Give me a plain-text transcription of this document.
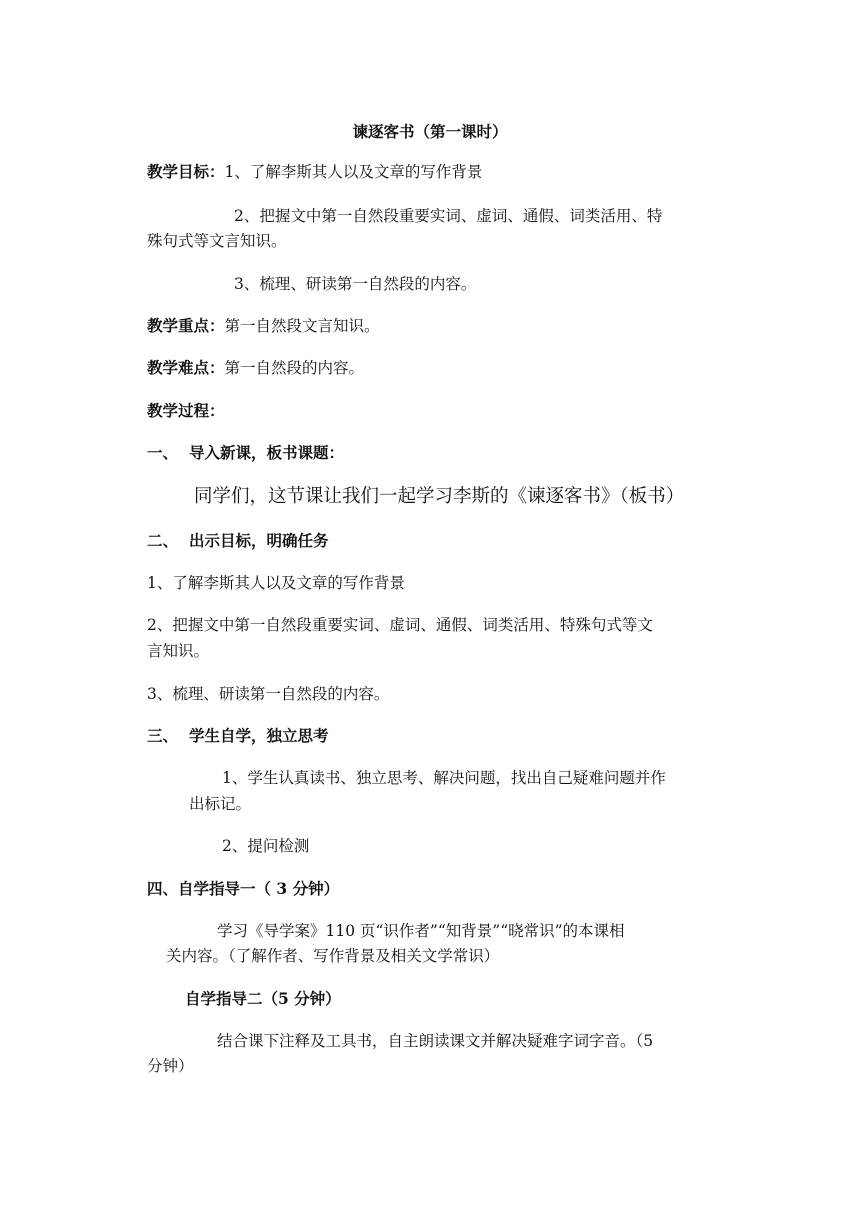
谏逐客书（第一课时）
教学目标：1、了解李斯其人以及文章的写作背景
2、把握文中第一自然段重要实词、虚词、通假、词类活用、特
殊句式等文言知识。
3、梳理、研读第一自然段的内容。
教学重点：第一自然段文言知识。
教学难点：第一自然段的内容。
教学过程：
一、 导入新课，板书课题：
同学们，这节课让我们一起学习李斯的《谏逐客书》（板书）
二、 出示目标，明确任务
1、了解李斯其人以及文章的写作背景
2、把握文中第一自然段重要实词、虚词、通假、词类活用、特殊句式等文
言知识。
3、梳理、研读第一自然段的内容。
三、 学生自学，独立思考
1、学生认真读书、独立思考、解决问题，找出自己疑难问题并作
出标记。
2、提问检测
四、自学指导一（ 3 分钟）
学习《导学案》110 页“识作者”“知背景”“晓常识”的本课相
关内容。（了解作者、写作背景及相关文学常识）
自学指导二（5 分钟）
结合课下注释及工具书，自主朗读课文并解决疑难字词字音。（5
分钟）
